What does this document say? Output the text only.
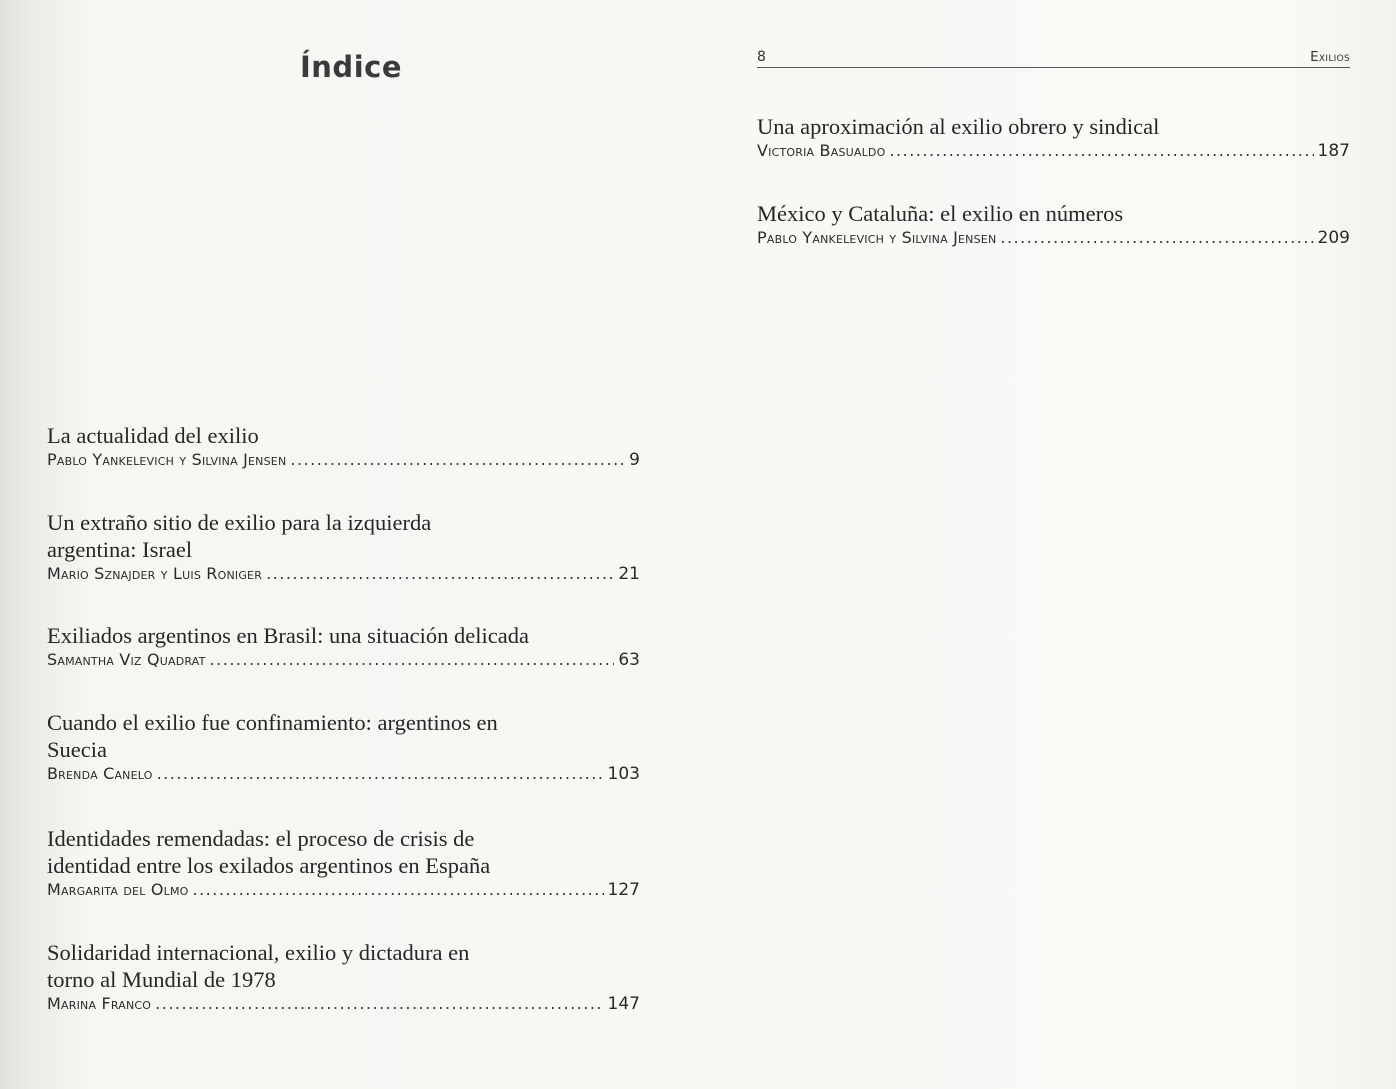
Índice
La actualidad del exilio
Pablo Yankelevich y Silvina Jensen .....	9
Un extraño sitio de exilio para la izquierda argentina: Israel
Mario Sznajder y Luis Roniger .....	21
Exiliados argentinos en Brasil: una situación delicada
Samantha Viz Quadrat .....	63
Cuando el exilio fue confinamiento: argentinos en Suecia
Brenda Canelo .....	103
Identidades remendadas: el proceso de crisis de identidad entre los exilados argentinos en España
Margarita del Olmo .....	127
Solidaridad internacional, exilio y dictadura en torno al Mundial de 1978
Marina Franco .....	147
8	Exilios
Una aproximación al exilio obrero y sindical
Victoria Basualdo .....	187
México y Cataluña: el exilio en números
Pablo Yankelevich y Silvina Jensen .....	209
